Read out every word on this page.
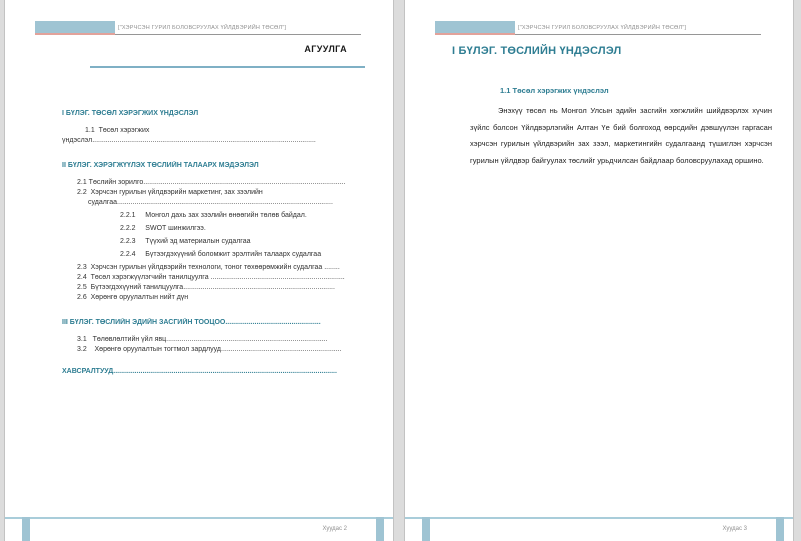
["ХЭРЧСЭН ГУРИЛ БОЛОВСРУУЛАХ ҮЙЛДВЭРИЙН ТӨСӨЛ"]
АГУУЛГА
I БҮЛЭГ. ТӨСӨЛ ХЭРЭГЖИХ ҮНДЭСЛЭЛ
1.1  Төсөл хэрэгжих
үндэслэл...................................................................................................................
II БҮЛЭГ. ХЭРЭГЖҮҮЛЭХ ТӨСЛИЙН ТАЛААРХ МЭДЭЭЛЭЛ
2.1 Төслийн зорилго........................................................................................................
2.2  Хэрчсэн гурилын үйлдвэрийн маркетинг, зах зээлийн
судалгаа...............................................................................................................
2.2.1     Монгол дахь зах зээлийн өнөөгийн төлөв байдал.
2.2.2     SWOT шинжилгээ.
2.2.3     Түүхий эд материалын судалгаа
2.2.4     Бүтээгдэхүүний боломжит эрэлтийн талаарх судалгаа
2.3  Хэрчсэн гурилын үйлдвэрийн технологи, тоног төхөөрөмжийн судалгаа ........
2.4  Төсөл хэрэгжүүлэгчийн танилцуулга .....................................................................
2.5  Бүтээгдэхүүний танилцуулга..............................................................................
2.6  Хөрөнгө оруулалтын нийт дүн
III БҮЛЭГ. ТӨСЛИЙН ЭДИЙН ЗАСГИЙН ТООЦОО.................................................
3.1   Төлөвлөлтийн үйл явц...................................................................................
3.2    Хөрөнгө оруулалтын тогтмол зардлууд..............................................................
ХАВСРАЛТУУД...................................................................................................................
Хуудас 2
["ХЭРЧСЭН ГУРИЛ БОЛОВСРУУЛАХ ҮЙЛДВЭРИЙН ТӨСӨЛ"]
I БҮЛЭГ. ТӨСЛИЙН ҮНДЭСЛЭЛ
1.1 Төсөл хэрэгжих үндэслэл
Энэхүү төсөл нь Монгол Улсын эдийн засгийн хөгжлийн шийдвэрлэх хүчин зүйлс болсон Үйлдвэрлэгийн Алтан Үе бий болгоход өөрсдийн дэвшүүлэн гаргасан хэрчсэн гурилын үйлдвэрийн зах зээл, маркетингийн судалгаанд түшиглэн хэрчсэн гурилын үйлдвэр байгуулах төслийг урьдчилсан байдлаар боловсруулахад оршино.
Хуудас 3
